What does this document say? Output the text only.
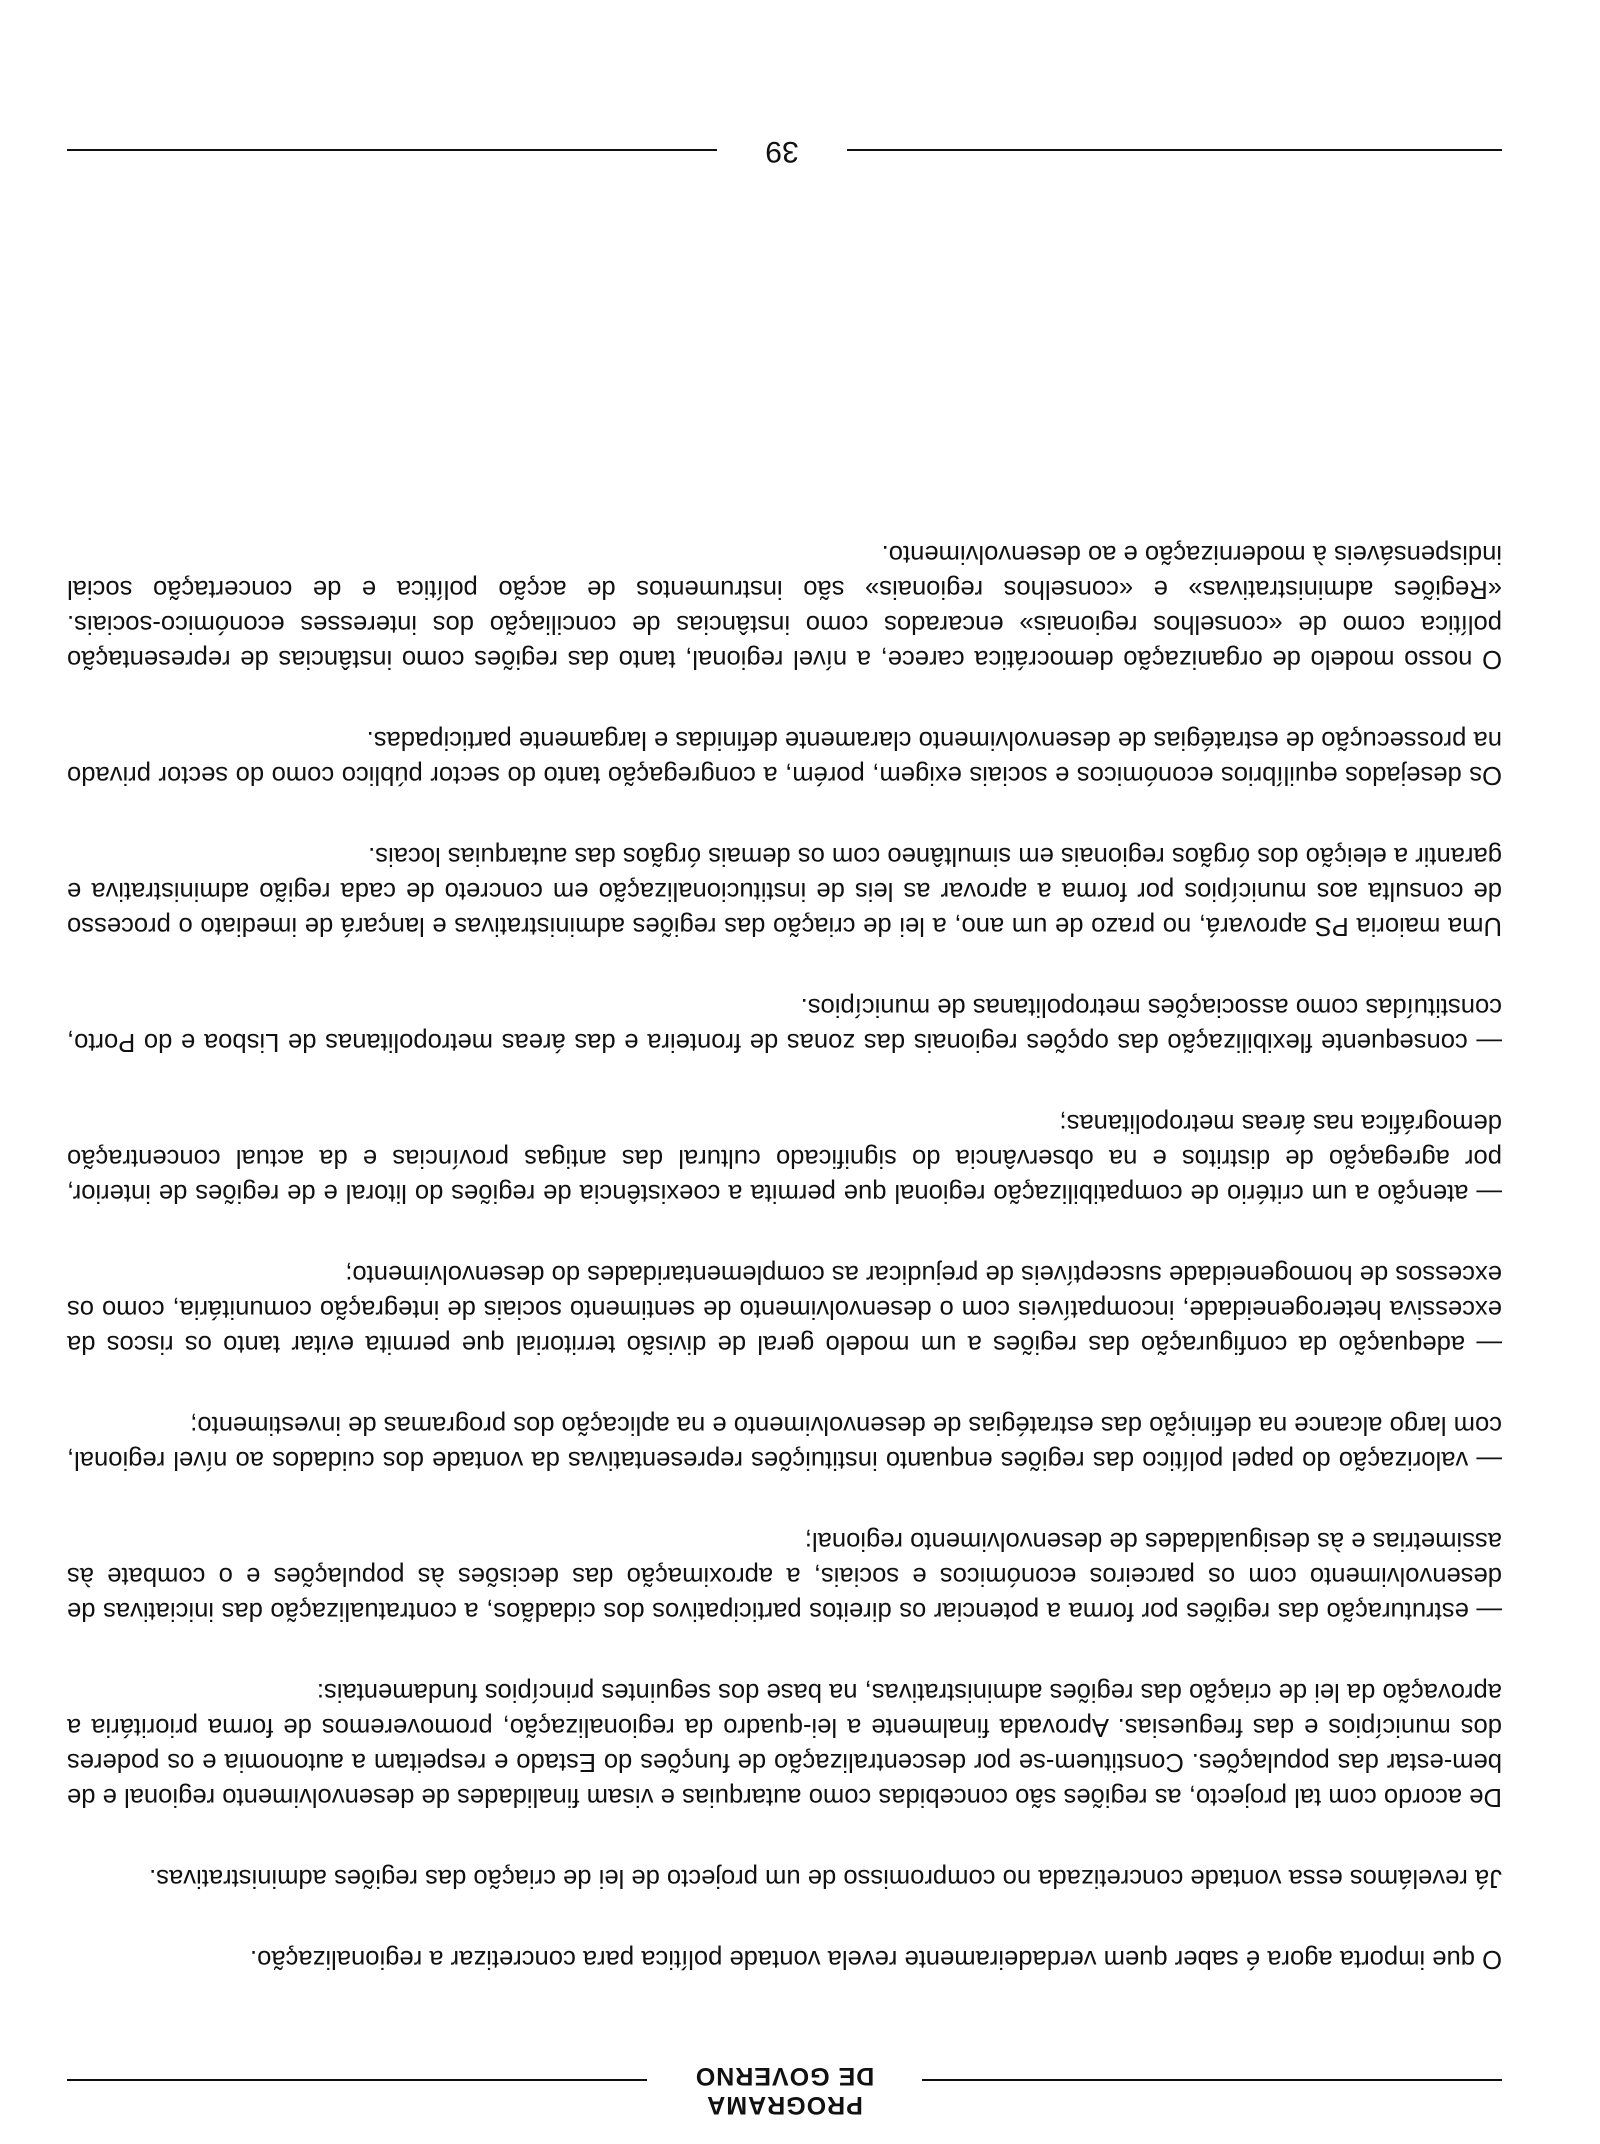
PROGRAMA
DE GOVERNO

O que importa agora é saber quem verdadeiramente revela vontade política para concretizar a regionalização.

Já revelámos essa vontade concretizada no compromisso de um projecto de lei de criação das regiões administrativas.

De acordo com tal projecto, as regiões são concebidas como autarquias e visam finalidades de desenvolvimento regional e de bem-estar das populações. Constituem-se por descentralização de funções do Estado e respeitam a autonomia e os poderes dos municípios e das freguesias. Aprovada finalmente a lei-quadro da regionalização, promoveremos de forma prioritária a aprovação da lei de criação das regiões administrativas, na base dos seguintes princípios fundamentais:

— estruturação das regiões por forma a potenciar os direitos participativos dos cidadãos, a contratualização das iniciativas de desenvolvimento com os parceiros económicos e sociais, a aproximação das decisões às populações e o combate às assimetrias e às desigualdades de desenvolvimento regional;

— valorização do papel político das regiões enquanto instituições representativas da vontade dos cuidados ao nível regional, com largo alcance na definição das estratégias de desenvolvimento e na aplicação dos programas de investimento;

— adequação da configuração das regiões a um modelo geral de divisão territorial que permita evitar tanto os riscos da excessiva heterogeneidade, incompatíveis com o desenvolvimento de sentimento sociais de integração comunitária, como os excessos de homogeneidade susceptíveis de prejudicar as complementaridades do desenvolvimento;

— atenção a um critério de compatibilização regional que permita a coexistência de regiões do litoral e de regiões de interior, por agregação de distritos e na observância do significado cultural das antigas províncias e da actual concentração demográfica nas áreas metropolitanas;

— consequente flexibilização das opções regionais das zonas de fronteira e das áreas metropolitanas de Lisboa e do Porto, constituídas como associações metropolitanas de municípios.

Uma maioria PS aprovará, no prazo de um ano, a lei de criação das regiões administrativas e lançará de imediato o processo de consulta aos municípios por forma a aprovar as leis de institucionalização em concreto de cada região administrativa e garantir a eleição dos órgãos regionais em simultâneo com os demais órgãos das autarquias locais.

Os desejados equilíbrios económicos e sociais exigem, porém, a congregação tanto do sector público como do sector privado na prossecução de estratégias de desenvolvimento claramente definidas e largamente participadas.

O nosso modelo de organização democrática carece, a nível regional, tanto das regiões como instâncias de representação política como de «conselhos regionais» encarados como instâncias de conciliação dos interesses económico-sociais. «Regiões administrativas» e «conselhos regionais» são instrumentos de acção política e de concertação social indispensáveis à modernização e ao desenvolvimento.

39
